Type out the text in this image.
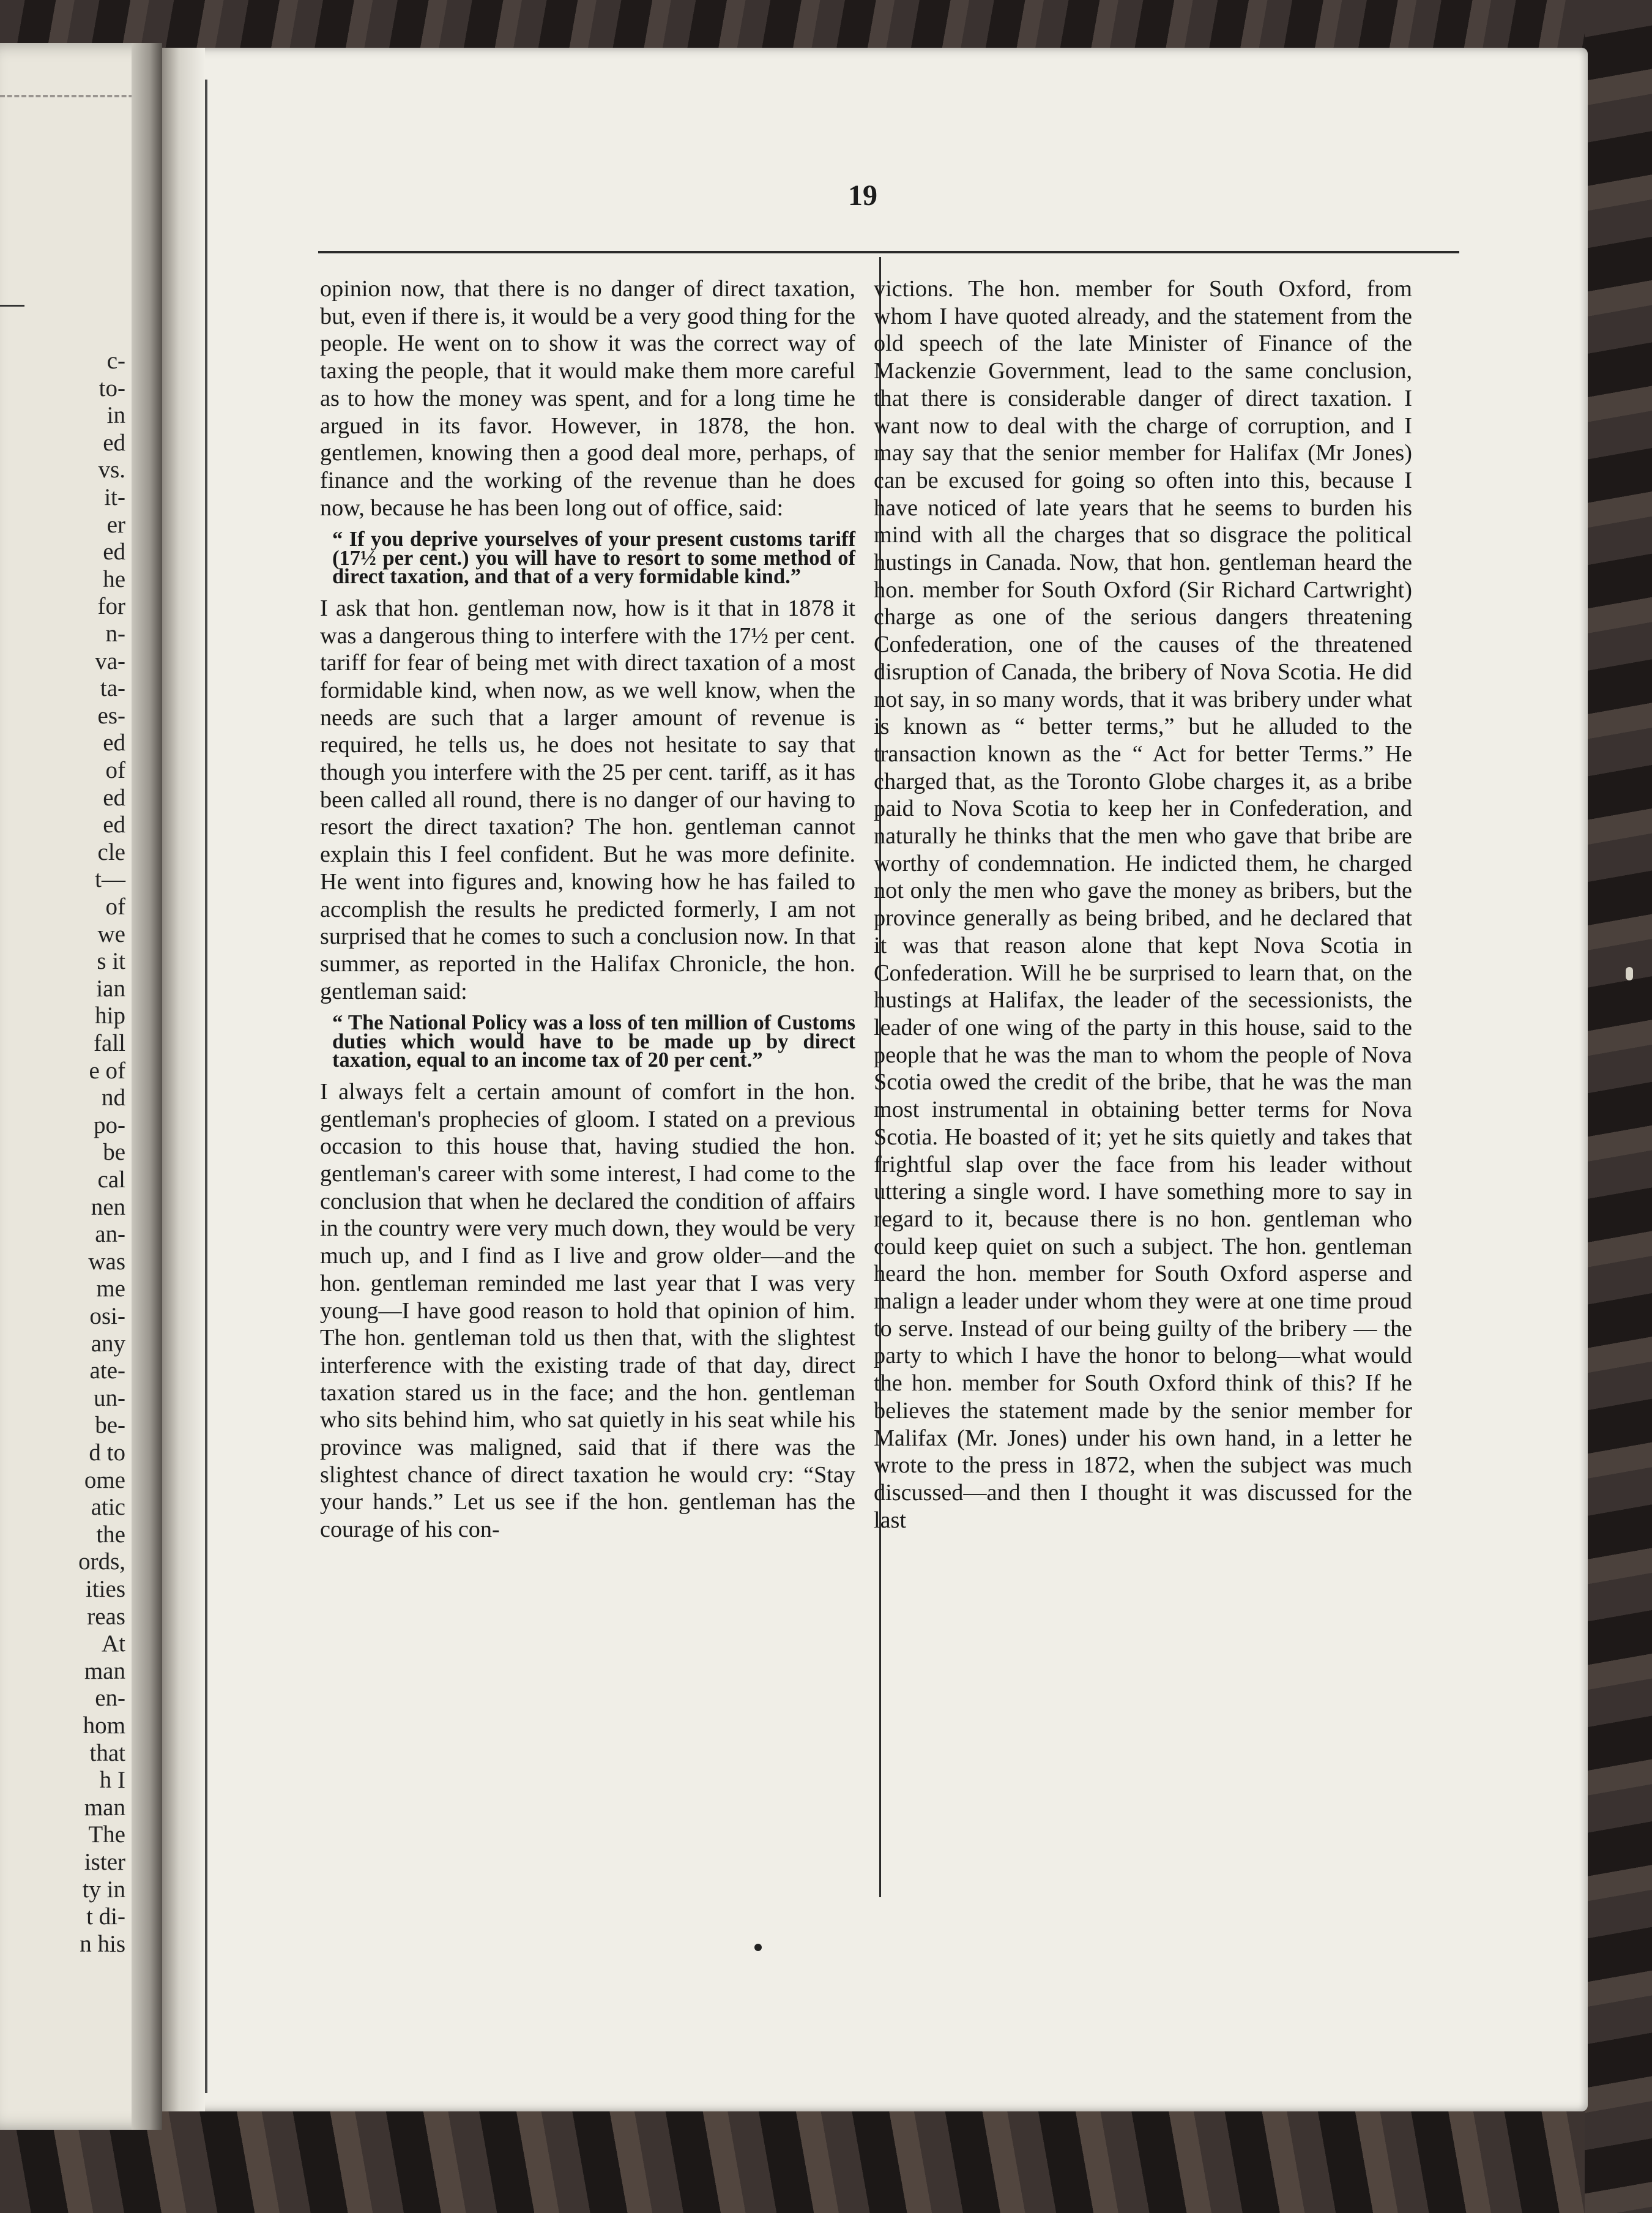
c-
to-
in
ed
vs.
it-
er
ed
he
for
n-
va-
ta-
es-
ed
of
ed
ed
cle
t—
of
we
s it
ian
hip
fall
e of
nd
po-
be
cal
nen
an-
was
me
osi-
any
ate-
un-
be-
d to
ome
atic
the
ords,
ities
reas
At
man
en-
hom
that
h I
man
The
ister
ty in
t di-
n his
19

opinion now, that there is no danger of direct taxation, but, even if there is, it would be a very good thing for the people. He went on to show it was the correct way of taxing the people, that it would make them more careful as to how the money was spent, and for a long time he argued in its favor. However, in 1878, the hon. gentlemen, knowing then a good deal more, perhaps, of finance and the working of the revenue than he does now, because he has been long out of office, said:

“ If you deprive yourselves of your present customs tariff (17½ per cent.) you will have to resort to some method of direct taxation, and that of a very formidable kind.”

I ask that hon. gentleman now, how is it that in 1878 it was a dangerous thing to interfere with the 17½ per cent. tariff for fear of being met with direct taxation of a most formidable kind, when now, as we well know, when the needs are such that a larger amount of revenue is required, he tells us, he does not hesitate to say that though you interfere with the 25 per cent. tariff, as it has been called all round, there is no danger of our having to resort the direct taxation? The hon. gentleman cannot explain this I feel confident. But he was more definite. He went into figures and, knowing how he has failed to accomplish the results he predicted formerly, I am not surprised that he comes to such a conclusion now. In that summer, as reported in the Halifax Chronicle, the hon. gentleman said:

“ The National Policy was a loss of ten million of Customs duties which would have to be made up by direct taxation, equal to an income tax of 20 per cent.”

I always felt a certain amount of comfort in the hon. gentleman's prophecies of gloom. I stated on a previous occasion to this house that, having studied the hon. gentleman's career with some interest, I had come to the conclusion that when he declared the condition of affairs in the country were very much down, they would be very much up, and I find as I live and grow older—and the hon. gentleman reminded me last year that I was very young—I have good reason to hold that opinion of him. The hon. gentleman told us then that, with the slightest interference with the existing trade of that day, direct taxation stared us in the face; and the hon. gentleman who sits behind him, who sat quietly in his seat while his province was maligned, said that if there was the slightest chance of direct taxation he would cry: “Stay your hands.” Let us see if the hon. gentleman has the courage of his con-

victions. The hon. member for South Oxford, from whom I have quoted already, and the statement from the old speech of the late Minister of Finance of the Mackenzie Government, lead to the same conclusion, that there is considerable danger of direct taxation. I want now to deal with the charge of corruption, and I may say that the senior member for Halifax (Mr Jones) can be excused for going so often into this, because I have noticed of late years that he seems to burden his mind with all the charges that so disgrace the political hustings in Canada. Now, that hon. gentleman heard the hon. member for South Oxford (Sir Richard Cartwright) charge as one of the serious dangers threatening Confederation, one of the causes of the threatened disruption of Canada, the bribery of Nova Scotia. He did not say, in so many words, that it was bribery under what is known as “ better terms,” but he alluded to the transaction known as the “ Act for better Terms.” He charged that, as the Toronto Globe charges it, as a bribe paid to Nova Scotia to keep her in Confederation, and naturally he thinks that the men who gave that bribe are worthy of condemnation. He indicted them, he charged not only the men who gave the money as bribers, but the province generally as being bribed, and he declared that it was that reason alone that kept Nova Scotia in Confederation. Will he be surprised to learn that, on the hustings at Halifax, the leader of the secessionists, the leader of one wing of the party in this house, said to the people that he was the man to whom the people of Nova Scotia owed the credit of the bribe, that he was the man most instrumental in obtaining better terms for Nova Scotia. He boasted of it; yet he sits quietly and takes that frightful slap over the face from his leader without uttering a single word. I have something more to say in regard to it, because there is no hon. gentleman who could keep quiet on such a subject. The hon. gentleman heard the hon. member for South Oxford asperse and malign a leader under whom they were at one time proud to serve. Instead of our being guilty of the bribery — the party to which I have the honor to belong—what would the hon. member for South Oxford think of this? If he believes the statement made by the senior member for Malifax (Mr. Jones) under his own hand, in a letter he wrote to the press in 1872, when the subject was much discussed—and then I thought it was discussed for the last
